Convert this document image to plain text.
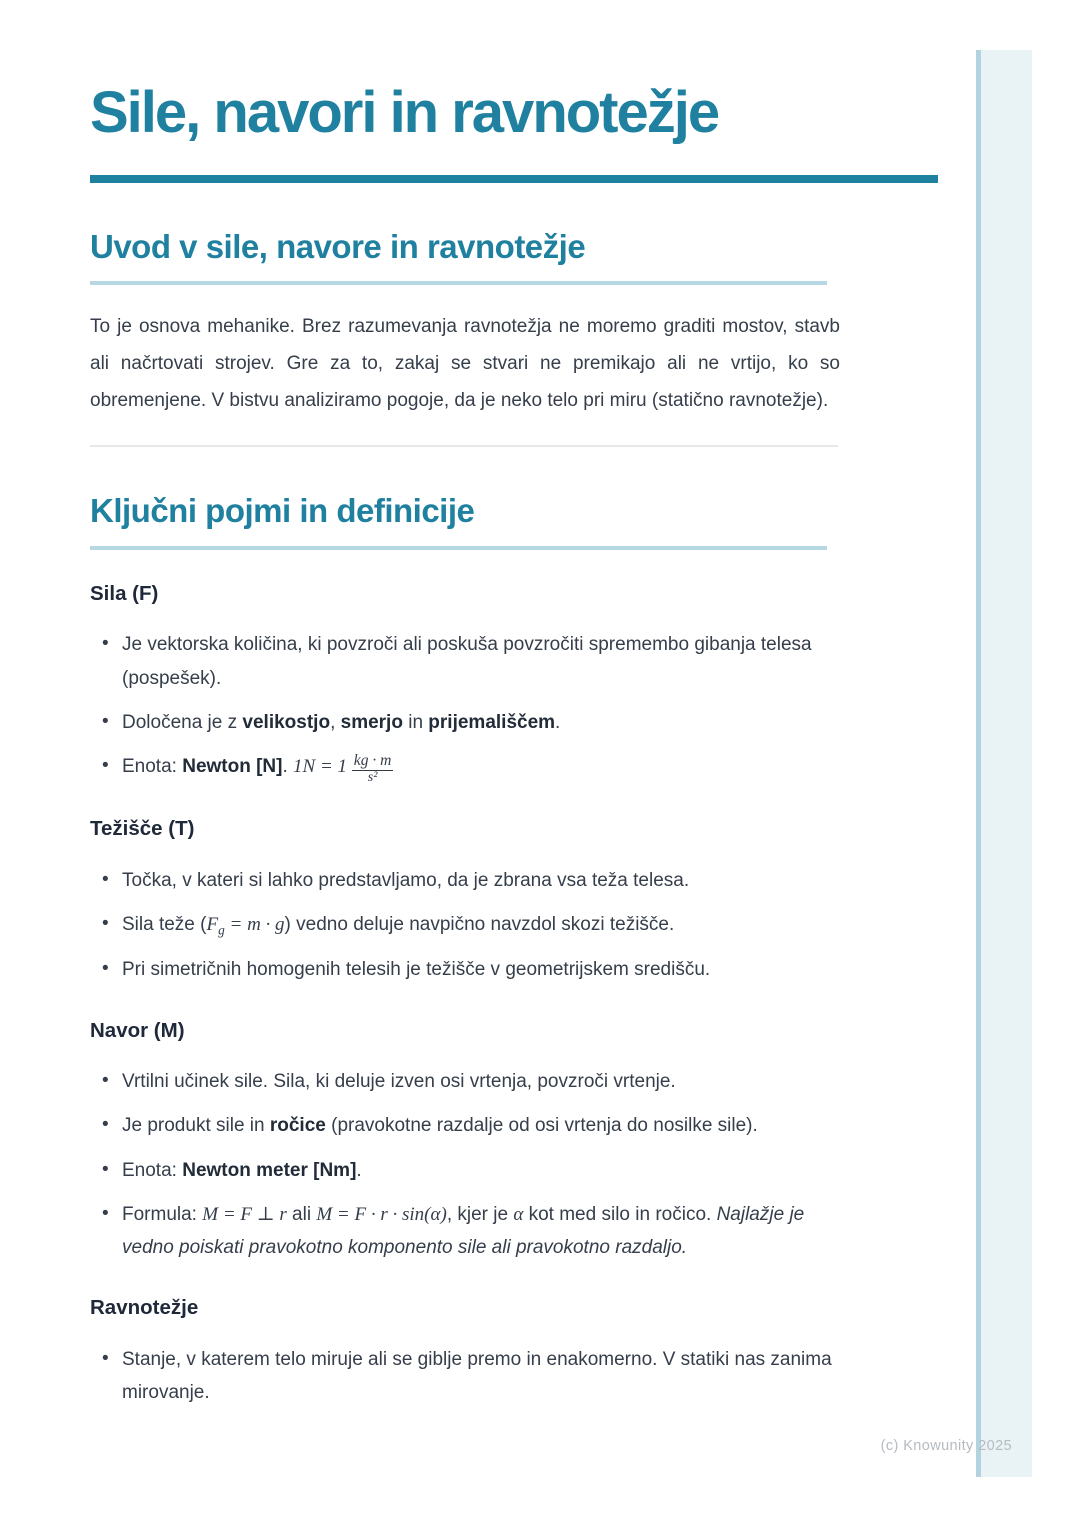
(c) Knowunity 2025
Sile, navori in ravnotežje
Uvod v sile, navore in ravnotežje

To je osnova mehanike. Brez razumevanja ravnotežja ne moremo graditi mostov, stavb ali načrtovati strojev. Gre za to, zakaj se stvari ne premikajo ali ne vrtijo, ko so obremenjene. V bistvu analiziramo pogoje, da je neko telo pri miru (statično ravnotežje).

Ključni pojmi in definicije
Sila (F)
• Je vektorska količina, ki povzroči ali poskuša povzročiti spremembo gibanja telesa (pospešek).
• Določena je z velikostjo, smerjo in prijemališčem.
• Enota: Newton [N]. $1N = 1 \frac{kg \cdot m}{\text{s²}}$
Težišče (T)
• Točka, v kateri si lahko predstavljamo, da je zbrana vsa teža telesa.
• Sila teže $(F_g = m \cdot g)$ vedno deluje navpično navzdol skozi težišče.
• Pri simetričnih homogenih telesih je težišče v geometrijskem središču.
Navor (M)
• Vrtilni učinek sile. Sila, ki deluje izven osi vrtenja, povzroči vrtenje.
• Je produkt sile in ročice (pravokotne razdalje od osi vrtenja do nosilke sile).
• Enota: Newton meter [Nm].
• Formula: M = F ⊥ r ali M = F · r · sin(α), kjer je α kot med silo in ročico. Najlažje je vedno poiskati pravokotno komponento sile ali pravokotno razdaljo.
Ravnotežje
• Stanje, v katerem telo miruje ali se giblje premo in enakomerno. V statiki nas zanima mirovanje.
